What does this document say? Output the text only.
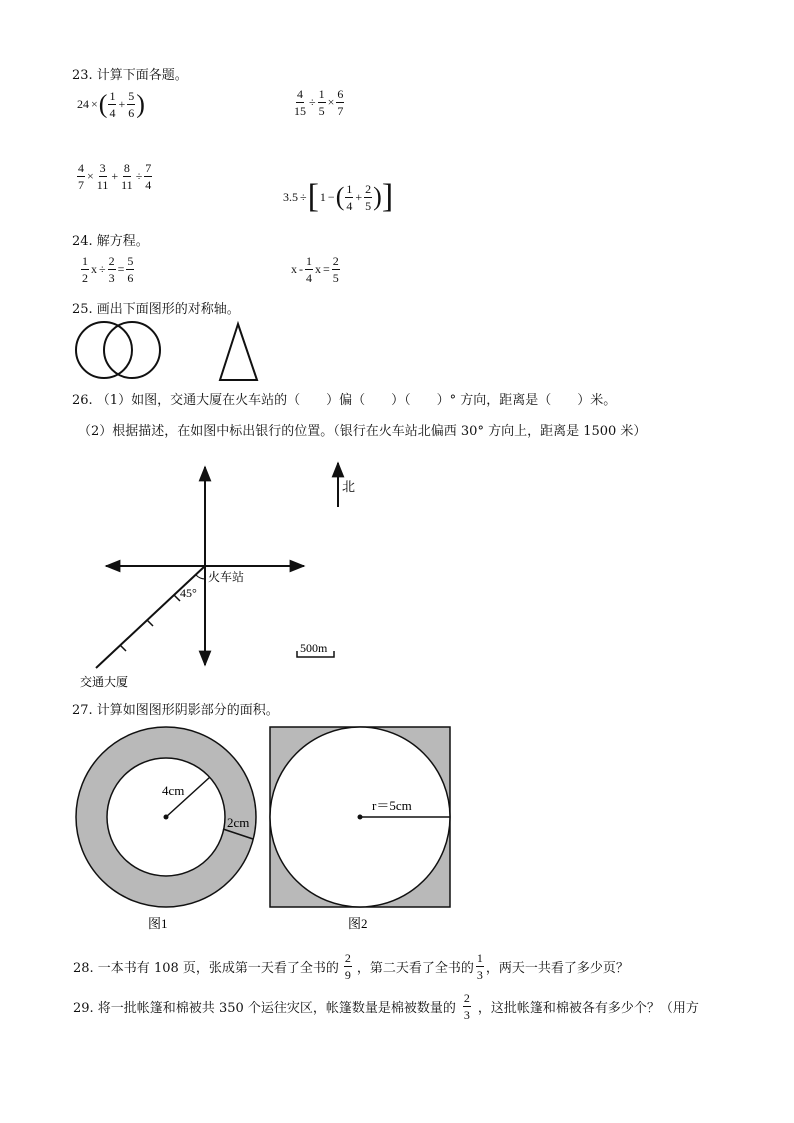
23. 计算下面各题。
24 ×( $\frac{1}{4} + \frac{5}{6}$ )	$\frac{4}{15} \div \frac{1}{5} \times \frac{6}{7}$
$\frac{4}{7} \times \frac{3}{11} + \frac{8}{11} \div \frac{7}{4}$
3.5 ÷[1 −( $\frac{1}{4} + \frac{2}{5}$ )]
24. 解方程。
$\frac{1}{2}$ $x \div \frac{2}{3} = \frac{5}{6}$	x - $\frac{1}{4}$ $x = \frac{2}{5}$
25. 画出下面图形的对称轴。
26. （1）如图，交通大厦在火车站的（　　）偏（　　）（　　）° 方向，距离是（　　）米。
（2）根据描述，在如图中标出银行的位置。（银行在火车站北偏西 30° 方向上，距离是 1500 米）
北
45°
火车站
500m
交通大厦
27. 计算如图图形阴影部分的面积。
4cm
2cm
图1
r＝5cm
图2
28. 一本书有 108 页，张成第一天看了全书的 $\frac{2}{9}$ ，第二天看了全书的 $\frac{1}{3}$ ，两天一共看了多少页？
29. 将一批帐篷和棉被共 350 个运往灾区，帐篷数量是棉被数量的 $\frac{2}{3}$ ，这批帐篷和棉被各有多少个？（用方
